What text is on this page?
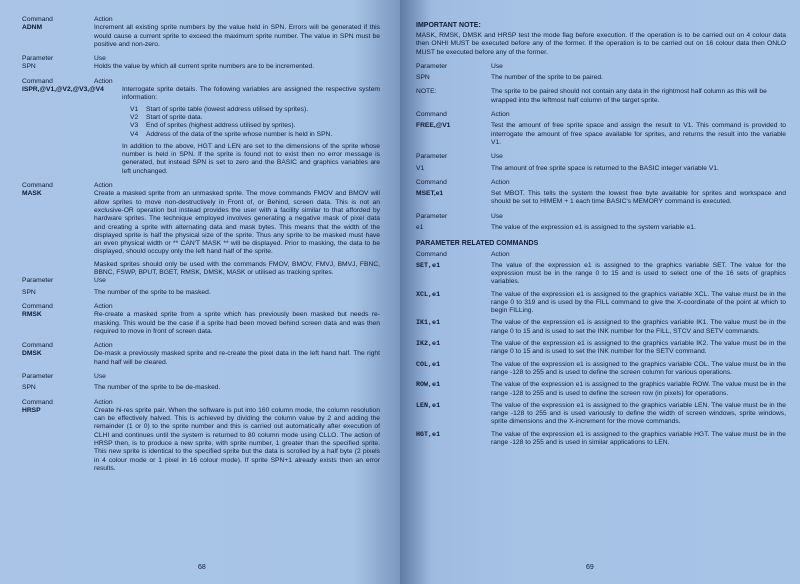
Command	Action
ADNM	Increment all existing sprite numbers by the value held in SPN. Errors will be generated if this would cause a current sprite to exceed the maximum sprite number. The value in SPN must be positive and non-zero.
Parameter	Use
SPN	Holds the value by which all current sprite numbers are to be incremented.
Command	Action
ISPR,@V1,@V2,@V3,@V4	Interrogate sprite details. The following variables are assigned the respective system information:
V1	Start of sprite table (lowest address utilised by sprites).
V2	Start of sprite data.
V3	End of sprites (highest address utilised by sprites).
V4	Address of the data of the sprite whose number is held in SPN.
In addition to the above, HGT and LEN are set to the dimensions of the sprite whose number is held in SPN. If the sprite is found not to exist then no error message is generated, but instead SPN is set to zero and the BASIC and graphics variables are left unchanged.
Command	Action
MASK	Create a masked sprite from an unmasked sprite. The move commands FMOV and BMOV will allow sprites to move non-destructively in Front of, or Behind, screen data. This is not an exclusive-OR operation but instead provides the user with a facility similar to that afforded by hardware sprites. The technique employed involves generating a negative mask of pixel data and creating a sprite with alternating data and mask bytes. This means that the width of the displayed sprite is half the physical size of the sprite. Thus any sprite to be masked must have an even physical width or ** CAN'T MASK ** will be displayed. Prior to masking, the data to be displayed, should occupy only the left hand half of the sprite.
Masked sprites should only be used with the commands FMOV, BMOV, FMVJ, BMVJ, FBNC, BBNC, FSWP, BPUT, BGET, RMSK, DMSK, MASK or utilised as tracking sprites.
Parameter	Use
SPN	The number of the sprite to be masked.
Command	Action
RMSK	Re-create a masked sprite from a sprite which has previously been masked but needs re-masking. This would be the case if a sprite had been moved behind screen data and was then required to move in front of screen data.
Command	Action
DMSK	De-mask a previously masked sprite and re-create the pixel data in the left hand half. The right hand half will be cleared.
Parameter	Use
SPN	The number of the sprite to be de-masked.
Command	Action
HRSP	Create hi-res sprite pair. When the software is put into 160 column mode, the column resolution can be effectively halved. This is achieved by dividing the column value by 2 and adding the remainder (1 or 0) to the sprite number and this is carried out automatically after execution of CLHI and continues until the system is returned to 80 column mode using CLLO. The action of HRSP then, is to produce a new sprite, with sprite number, 1 greater than the specified sprite. This new sprite is identical to the specified sprite but the data is scrolled by a half byte (2 pixels in 4 colour mode or 1 pixel in 16 colour mode). If sprite SPN+1 already exists then an error results.
68
IMPORTANT NOTE:
MASK, RMSK, DMSK and HRSP test the mode flag before execution. If the operation is to be carried out on 4 colour data then ONHI MUST be executed before any of the former. If the operation is to be carried out on 16 colour data then ONLO MUST be executed before any of the former.
Parameter	Use
SPN	The number of the sprite to be paired.
NOTE:	The sprite to be paired should not contain any data in the rightmost half column as this will be wrapped into the leftmost half column of the target sprite.
Command	Action
FREE,@V1	Test the amount of free sprite space and assign the result to V1. This command is provided to interrogate the amount of free space available for sprites, and returns the result into the variable V1.
Parameter	Use
V1	The amount of free sprite space is returned to the BASIC integer variable V1.
Command	Action
MSET,e1	Set MBOT. This tells the system the lowest free byte available for sprites and workspace and should be set to HIMEM + 1 each time BASIC's MEMORY command is executed.
Parameter	Use
e1	The value of the expression e1 is assigned to the system variable e1.
PARAMETER RELATED COMMANDS
Command	Action
SET,e1	The value of the expression e1 is assigned to the graphics variable SET. The value for the expression must be in the range 0 to 15 and is used to select one of the 16 sets of graphics variables.
XCL,e1	The value of the expression e1 is assigned to the graphics variable XCL. The value must be in the range 0 to 319 and is used by the FILL command to give the X-coordinate of the point at which to begin FILLing.
IK1,e1	The value of the expression e1 is assigned to the graphics variable IK1. The value must be in the range 0 to 15 and is used to set the INK number for the FILL, STCV and SETV commands.
IK2,e1	The value of the expression e1 is assigned to the graphics variable IK2. The value must be in the range 0 to 15 and is used to set the INK number for the SETV command.
COL,e1	The value of the expression e1 is assigned to the graphics variable COL. The value must be in the range -128 to 255 and is used to define the screen column for various operations.
ROW,e1	The value of the expression e1 is assigned to the graphics variable ROW. The value must be in the range -128 to 255 and is used to define the screen row (in pixels) for operations.
LEN,e1	The value of the expression e1 is assigned to the graphics variable LEN. The value must be in the range -128 to 255 and is used variously to define the width of screen windows, sprite windows, sprite dimensions and the X-increment for the move commands.
HGT,e1	The value of the expression e1 is assigned to the graphics variable HGT. The value must be in the range -128 to 255 and is used in similar applications to LEN.
69
